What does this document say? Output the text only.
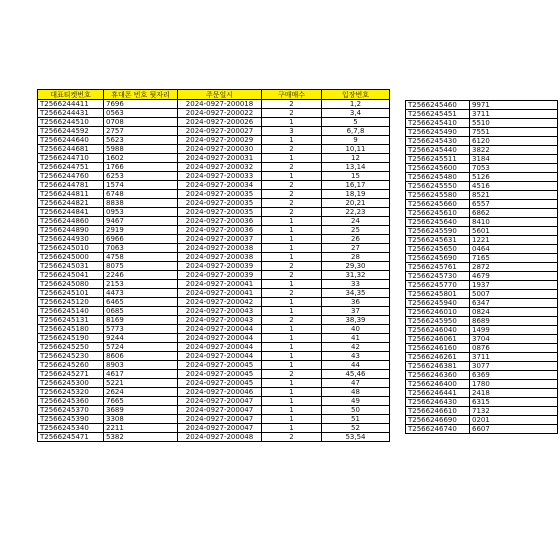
대표티켓번호	휴대폰 번호 뒷자리	주문일시	구매매수	입장번호
T2566244411	7696	2024-0927-200018	2	1,2
T2566244431	0563	2024-0927-200022	2	3,4
T2566244510	0708	2024-0927-200026	1	5
T2566244592	2757	2024-0927-200027	3	6,7,8
T2566244640	5623	2024-0927-200029	1	9
T2566244681	5988	2024-0927-200030	2	10,11
T2566244710	1602	2024-0927-200031	1	12
T2566244751	1766	2024-0927-200032	2	13,14
T2566244760	6253	2024-0927-200033	1	15
T2566244781	1574	2024-0927-200034	2	16,17
T2566244811	6748	2024-0927-200035	2	18,19
T2566244821	8838	2024-0927-200035	2	20,21
T2566244841	0953	2024-0927-200035	2	22,23
T2566244860	9467	2024-0927-200036	1	24
T2566244890	2919	2024-0927-200036	1	25
T2566244930	6966	2024-0927-200037	1	26
T2566245010	7063	2024-0927-200038	1	27
T2566245000	4758	2024-0927-200038	1	28
T2566245031	8075	2024-0927-200039	2	29,30
T2566245041	2246	2024-0927-200039	2	31,32
T2566245080	2153	2024-0927-200041	1	33
T2566245101	4473	2024-0927-200041	2	34,35
T2566245120	6465	2024-0927-200042	1	36
T2566245140	0685	2024-0927-200043	1	37
T2566245131	8169	2024-0927-200043	2	38,39
T2566245180	5773	2024-0927-200044	1	40
T2566245190	9244	2024-0927-200044	1	41
T2566245250	5724	2024-0927-200044	1	42
T2566245230	8606	2024-0927-200044	1	43
T2566245260	8903	2024-0927-200045	1	44
T2566245271	4617	2024-0927-200045	2	45,46
T2566245300	5221	2024-0927-200045	1	47
T2566245320	2624	2024-0927-200046	1	48
T2566245360	7665	2024-0927-200047	1	49
T2566245370	3689	2024-0927-200047	1	50
T2566245390	3308	2024-0927-200047	1	51
T2566245340	2211	2024-0927-200047	1	52
T2566245471	5382	2024-0927-200048	2	53,54
T2566245460	9971
T2566245451	3711
T2566245410	5510
T2566245490	7551
T2566245430	6120
T2566245440	3822
T2566245511	3184
T2566245600	7053
T2566245480	5126
T2566245550	4516
T2566245580	8521
T2566245660	6557
T2566245610	6862
T2566245640	8410
T2566245590	5601
T2566245631	1221
T2566245650	0464
T2566245690	7165
T2566245761	2872
T2566245730	4679
T2566245770	1937
T2566245801	5007
T2566245940	6347
T2566246010	0824
T2566245950	8689
T2566246040	1499
T2566246061	3704
T2566246160	0876
T2566246261	3711
T2566246381	3077
T2566246360	6369
T2566246400	1780
T2566246441	2418
T2566246430	6315
T2566246610	7132
T2566246690	0201
T2566246740	6607
